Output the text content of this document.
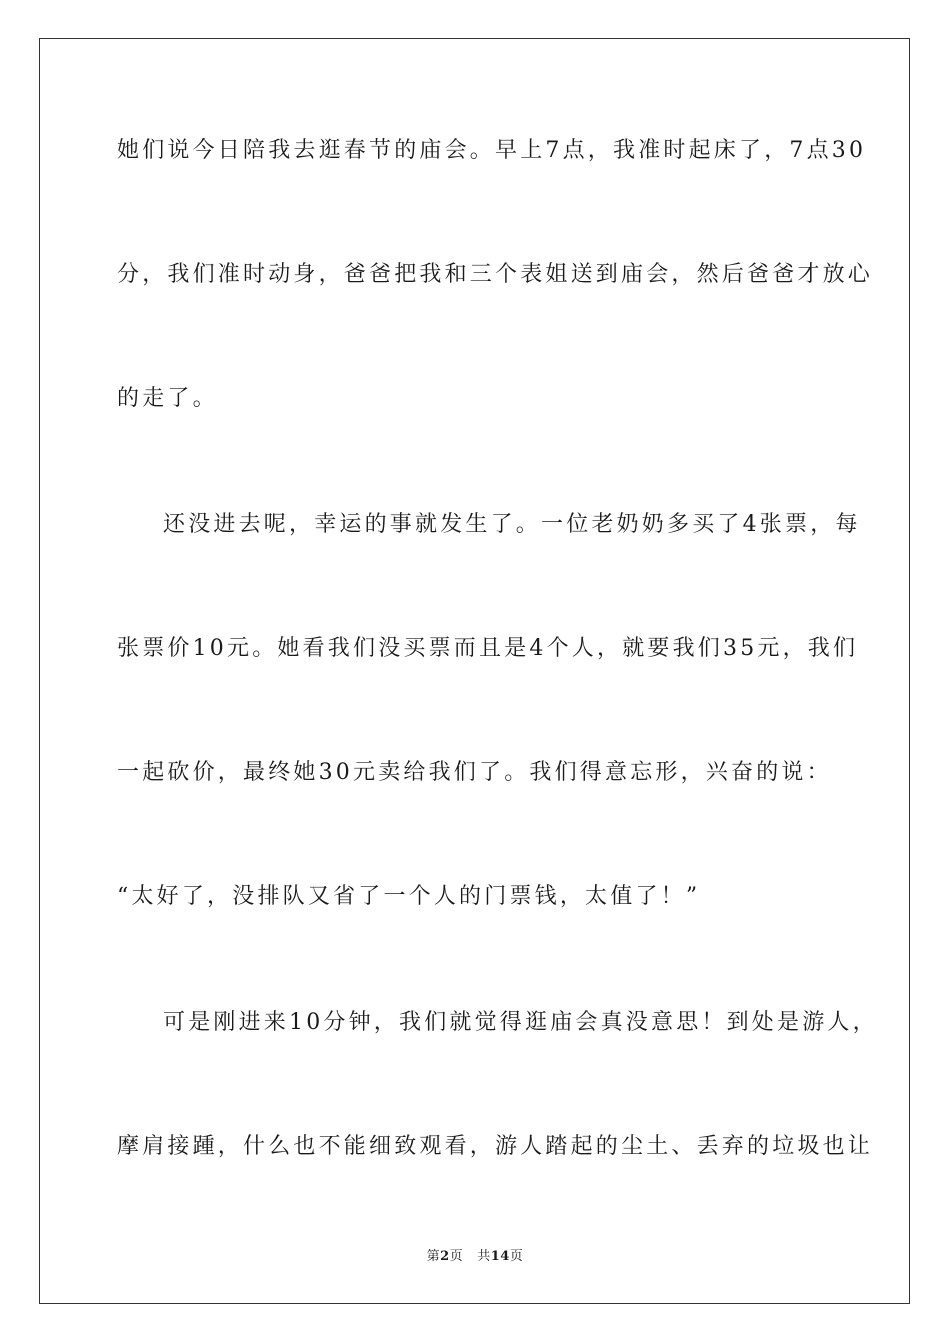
她们说今日陪我去逛春节的庙会。早上7点，我准时起床了，7点30
分，我们准时动身，爸爸把我和三个表姐送到庙会，然后爸爸才放心
的走了。
还没进去呢，幸运的事就发生了。一位老奶奶多买了4张票，每
张票价10元。她看我们没买票而且是4个人，就要我们35元，我们
一起砍价，最终她30元卖给我们了。我们得意忘形，兴奋的说：
“太好了，没排队又省了一个人的门票钱，太值了！”
可是刚进来10分钟，我们就觉得逛庙会真没意思！到处是游人，
摩肩接踵，什么也不能细致观看，游人踏起的尘土、丢弃的垃圾也让
第2页 共14页
